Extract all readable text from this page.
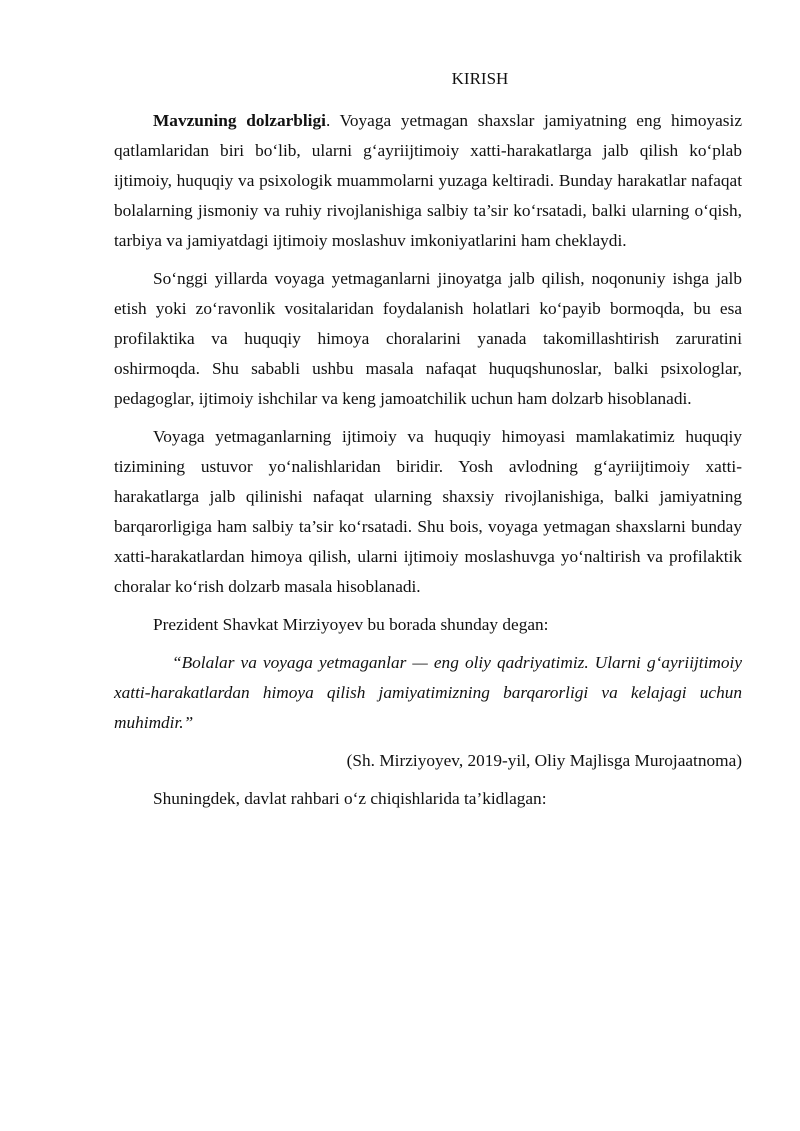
KIRISH

Mavzuning dolzarbligi. Voyaga yetmagan shaxslar jamiyatning eng himoyasiz qatlamlaridan biri bo‘lib, ularni g‘ayriijtimoiy xatti-harakatlarga jalb qilish ko‘plab ijtimoiy, huquqiy va psixologik muammolarni yuzaga keltiradi. Bunday harakatlar nafaqat bolalarning jismoniy va ruhiy rivojlanishiga salbiy ta’sir ko‘rsatadi, balki ularning o‘qish, tarbiya va jamiyatdagi ijtimoiy moslashuv imkoniyatlarini ham cheklaydi.

So‘nggi yillarda voyaga yetmaganlarni jinoyatga jalb qilish, noqonuniy ishga jalb etish yoki zo‘ravonlik vositalaridan foydalanish holatlari ko‘payib bormoqda, bu esa profilaktika va huquqiy himoya choralarini yanada takomillashtirish zaruratini oshirmoqda. Shu sababli ushbu masala nafaqat huquqshunoslar, balki psixologlar, pedagoglar, ijtimoiy ishchilar va keng jamoatchilik uchun ham dolzarb hisoblanadi.

Voyaga yetmaganlarning ijtimoiy va huquqiy himoyasi mamlakatimiz huquqiy tizimining ustuvor yo‘nalishlaridan biridir. Yosh avlodning g‘ayriijtimoiy xatti-harakatlarga jalb qilinishi nafaqat ularning shaxsiy rivojlanishiga, balki jamiyatning barqarorligiga ham salbiy ta’sir ko‘rsatadi. Shu bois, voyaga yetmagan shaxslarni bunday xatti-harakatlardan himoya qilish, ularni ijtimoiy moslashuvga yo‘naltirish va profilaktik choralar ko‘rish dolzarb masala hisoblanadi.

Prezident Shavkat Mirziyoyev bu borada shunday degan:

“Bolalar va voyaga yetmaganlar — eng oliy qadriyatimiz. Ularni g‘ayriijtimoiy xatti-harakatlardan himoya qilish jamiyatimizning barqarorligi va kelajagi uchun muhimdir.”

(Sh. Mirziyoyev, 2019-yil, Oliy Majlisga Murojaatnoma)

Shuningdek, davlat rahbari o‘z chiqishlarida ta’kidlagan:
